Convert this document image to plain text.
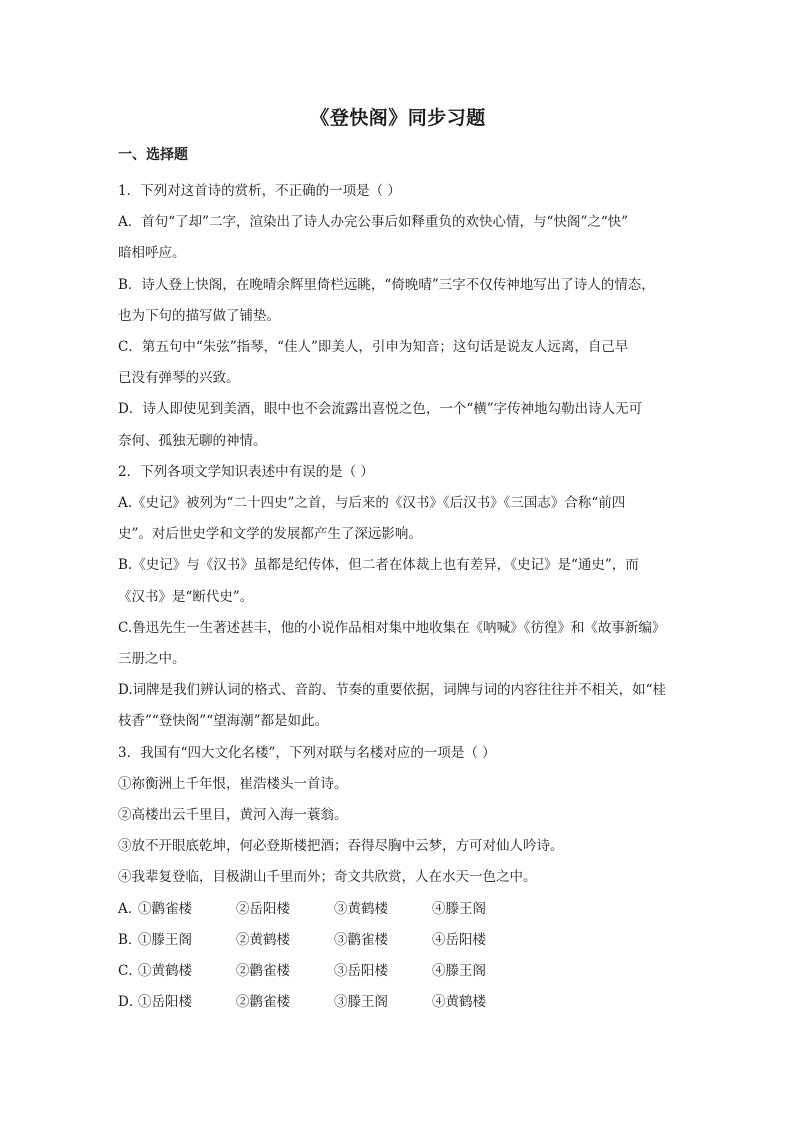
《登快阁》同步习题
一、选择题

1．下列对这首诗的赏析，不正确的一项是（ ）

A．首句“了却”二字，渲染出了诗人办完公事后如释重负的欢快心情，与“快阁”之“快”

暗相呼应。

B．诗人登上快阁，在晚晴余辉里倚栏远眺，“倚晚晴”三字不仅传神地写出了诗人的情态，

也为下句的描写做了铺垫。

C．第五句中“朱弦”指琴，“佳人”即美人，引申为知音；这句话是说友人远离，自己早

已没有弹琴的兴致。

D．诗人即使见到美酒，眼中也不会流露出喜悦之色，一个“横”字传神地勾勒出诗人无可

奈何、孤独无聊的神情。

2．下列各项文学知识表述中有误的是（ ）

A.《史记》被列为“二十四史”之首，与后来的《汉书》《后汉书》《三国志》合称“前四

史”。对后世史学和文学的发展都产生了深远影响。

B.《史记》与《汉书》虽都是纪传体，但二者在体裁上也有差异，《史记》是“通史”，而

《汉书》是“断代史”。

C.鲁迅先生一生著述甚丰，他的小说作品相对集中地收集在《呐喊》《彷徨》和《故事新编》

三册之中。

D.词牌是我们辨认词的格式、音韵、节奏的重要依据，词牌与词的内容往往并不相关，如“桂

枝香”“登快阁”“望海潮”都是如此。

3．我国有“四大文化名楼”，下列对联与名楼对应的一项是（ ）

①祢衡洲上千年恨，崔浩楼头一首诗。

②高楼出云千里目，黄河入海一蓑翁。

③放不开眼底乾坤，何必登斯楼把酒；吞得尽胸中云梦，方可对仙人吟诗。

④我辈复登临，目极湖山千里而外；奇文共欣赏，人在水天一色之中。

A．
①鹳雀楼	②岳阳楼	③黄鹤楼	④滕王阁
B．
①滕王阁	②黄鹤楼	③鹳雀楼	④岳阳楼
C．
①黄鹤楼	②鹳雀楼	③岳阳楼	④滕王阁
D．
①岳阳楼	②鹳雀楼	③滕王阁	④黄鹤楼
